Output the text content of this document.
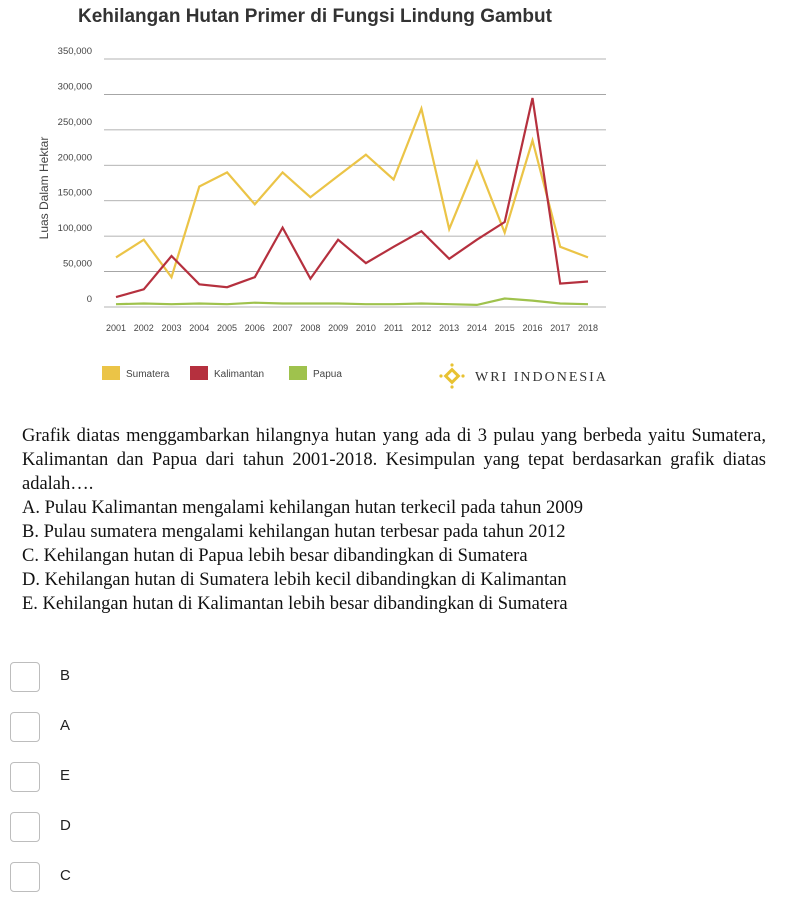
Kehilangan Hutan Primer di Fungsi Lindung Gambut
0
50,000
100,000
150,000
200,000
250,000
300,000
350,000
2001 2002 2003 2004 2005 2006 2007 2008 2009 2010 2011 2012 2013 2014 2015 2016 2017 2018
Luas Dalam Hektar
Sumatera	Kalimantan	Papua	WRI INDONESIA
Grafik diatas menggambarkan hilangnya hutan yang ada di 3 pulau yang berbeda yaitu Sumatera, Kalimantan dan Papua dari tahun 2001-2018. Kesimpulan yang tepat berdasarkan grafik diatas adalah….
A. Pulau Kalimantan mengalami kehilangan hutan terkecil pada tahun 2009
B. Pulau sumatera mengalami kehilangan hutan terbesar pada tahun 2012
C. Kehilangan hutan di Papua lebih besar dibandingkan di Sumatera
D. Kehilangan hutan di Sumatera lebih kecil dibandingkan di Kalimantan
E. Kehilangan hutan di Kalimantan lebih besar dibandingkan di Sumatera
B
A
E
D
C
